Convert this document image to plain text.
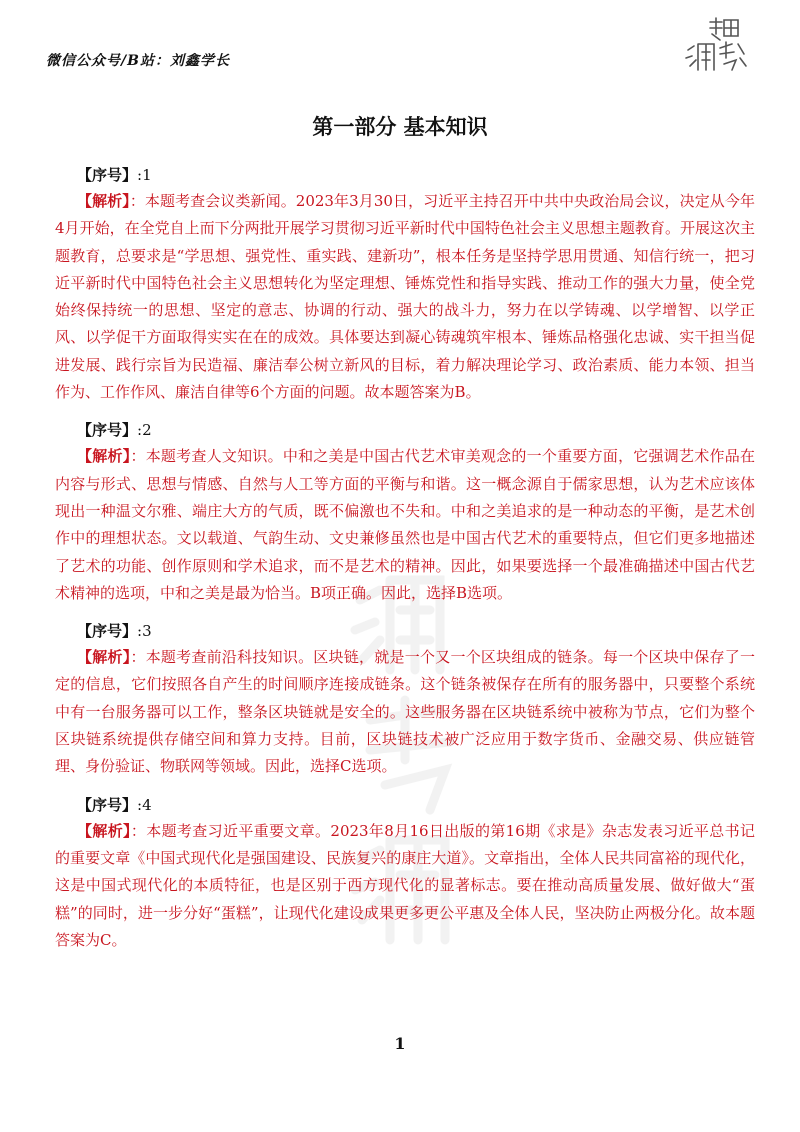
微信公众号/B站：刘鑫学长
第一部分 基本知识
【序号】:1

【解析】：本题考查会议类新闻。2023年3月30日，习近平主持召开中共中央政治局会议，决定从今年4月开始，在全党自上而下分两批开展学习贯彻习近平新时代中国特色社会主义思想主题教育。开展这次主题教育，总要求是“学思想、强党性、重实践、建新功”，根本任务是坚持学思用贯通、知信行统一，把习近平新时代中国特色社会主义思想转化为坚定理想、锤炼党性和指导实践、推动工作的强大力量，使全党始终保持统一的思想、坚定的意志、协调的行动、强大的战斗力，努力在以学铸魂、以学增智、以学正风、以学促干方面取得实实在在的成效。具体要达到凝心铸魂筑牢根本、锤炼品格强化忠诚、实干担当促进发展、践行宗旨为民造福、廉洁奉公树立新风的目标，着力解决理论学习、政治素质、能力本领、担当作为、工作作风、廉洁自律等6个方面的问题。故本题答案为B。

【序号】:2

【解析】：本题考查人文知识。中和之美是中国古代艺术审美观念的一个重要方面，它强调艺术作品在内容与形式、思想与情感、自然与人工等方面的平衡与和谐。这一概念源自于儒家思想，认为艺术应该体现出一种温文尔雅、端庄大方的气质，既不偏激也不失和。中和之美追求的是一种动态的平衡，是艺术创作中的理想状态。文以载道、气韵生动、文史兼修虽然也是中国古代艺术的重要特点，但它们更多地描述了艺术的功能、创作原则和学术追求，而不是艺术的精神。因此，如果要选择一个最准确描述中国古代艺术精神的选项，中和之美是最为恰当。B项正确。因此，选择B选项。

【序号】:3

【解析】：本题考查前沿科技知识。区块链，就是一个又一个区块组成的链条。每一个区块中保存了一定的信息，它们按照各自产生的时间顺序连接成链条。这个链条被保存在所有的服务器中，只要整个系统中有一台服务器可以工作，整条区块链就是安全的。这些服务器在区块链系统中被称为节点，它们为整个区块链系统提供存储空间和算力支持。目前，区块链技术被广泛应用于数字货币、金融交易、供应链管理、身份验证、物联网等领域。因此，选择C选项。

【序号】:4

【解析】：本题考查习近平重要文章。2023年8月16日出版的第16期《求是》杂志发表习近平总书记的重要文章《中国式现代化是强国建设、民族复兴的康庄大道》。文章指出，全体人民共同富裕的现代化，这是中国式现代化的本质特征，也是区别于西方现代化的显著标志。要在推动高质量发展、做好做大“蛋糕”的同时，进一步分好“蛋糕”，让现代化建设成果更多更公平惠及全体人民，坚决防止两极分化。故本题答案为C。

1
